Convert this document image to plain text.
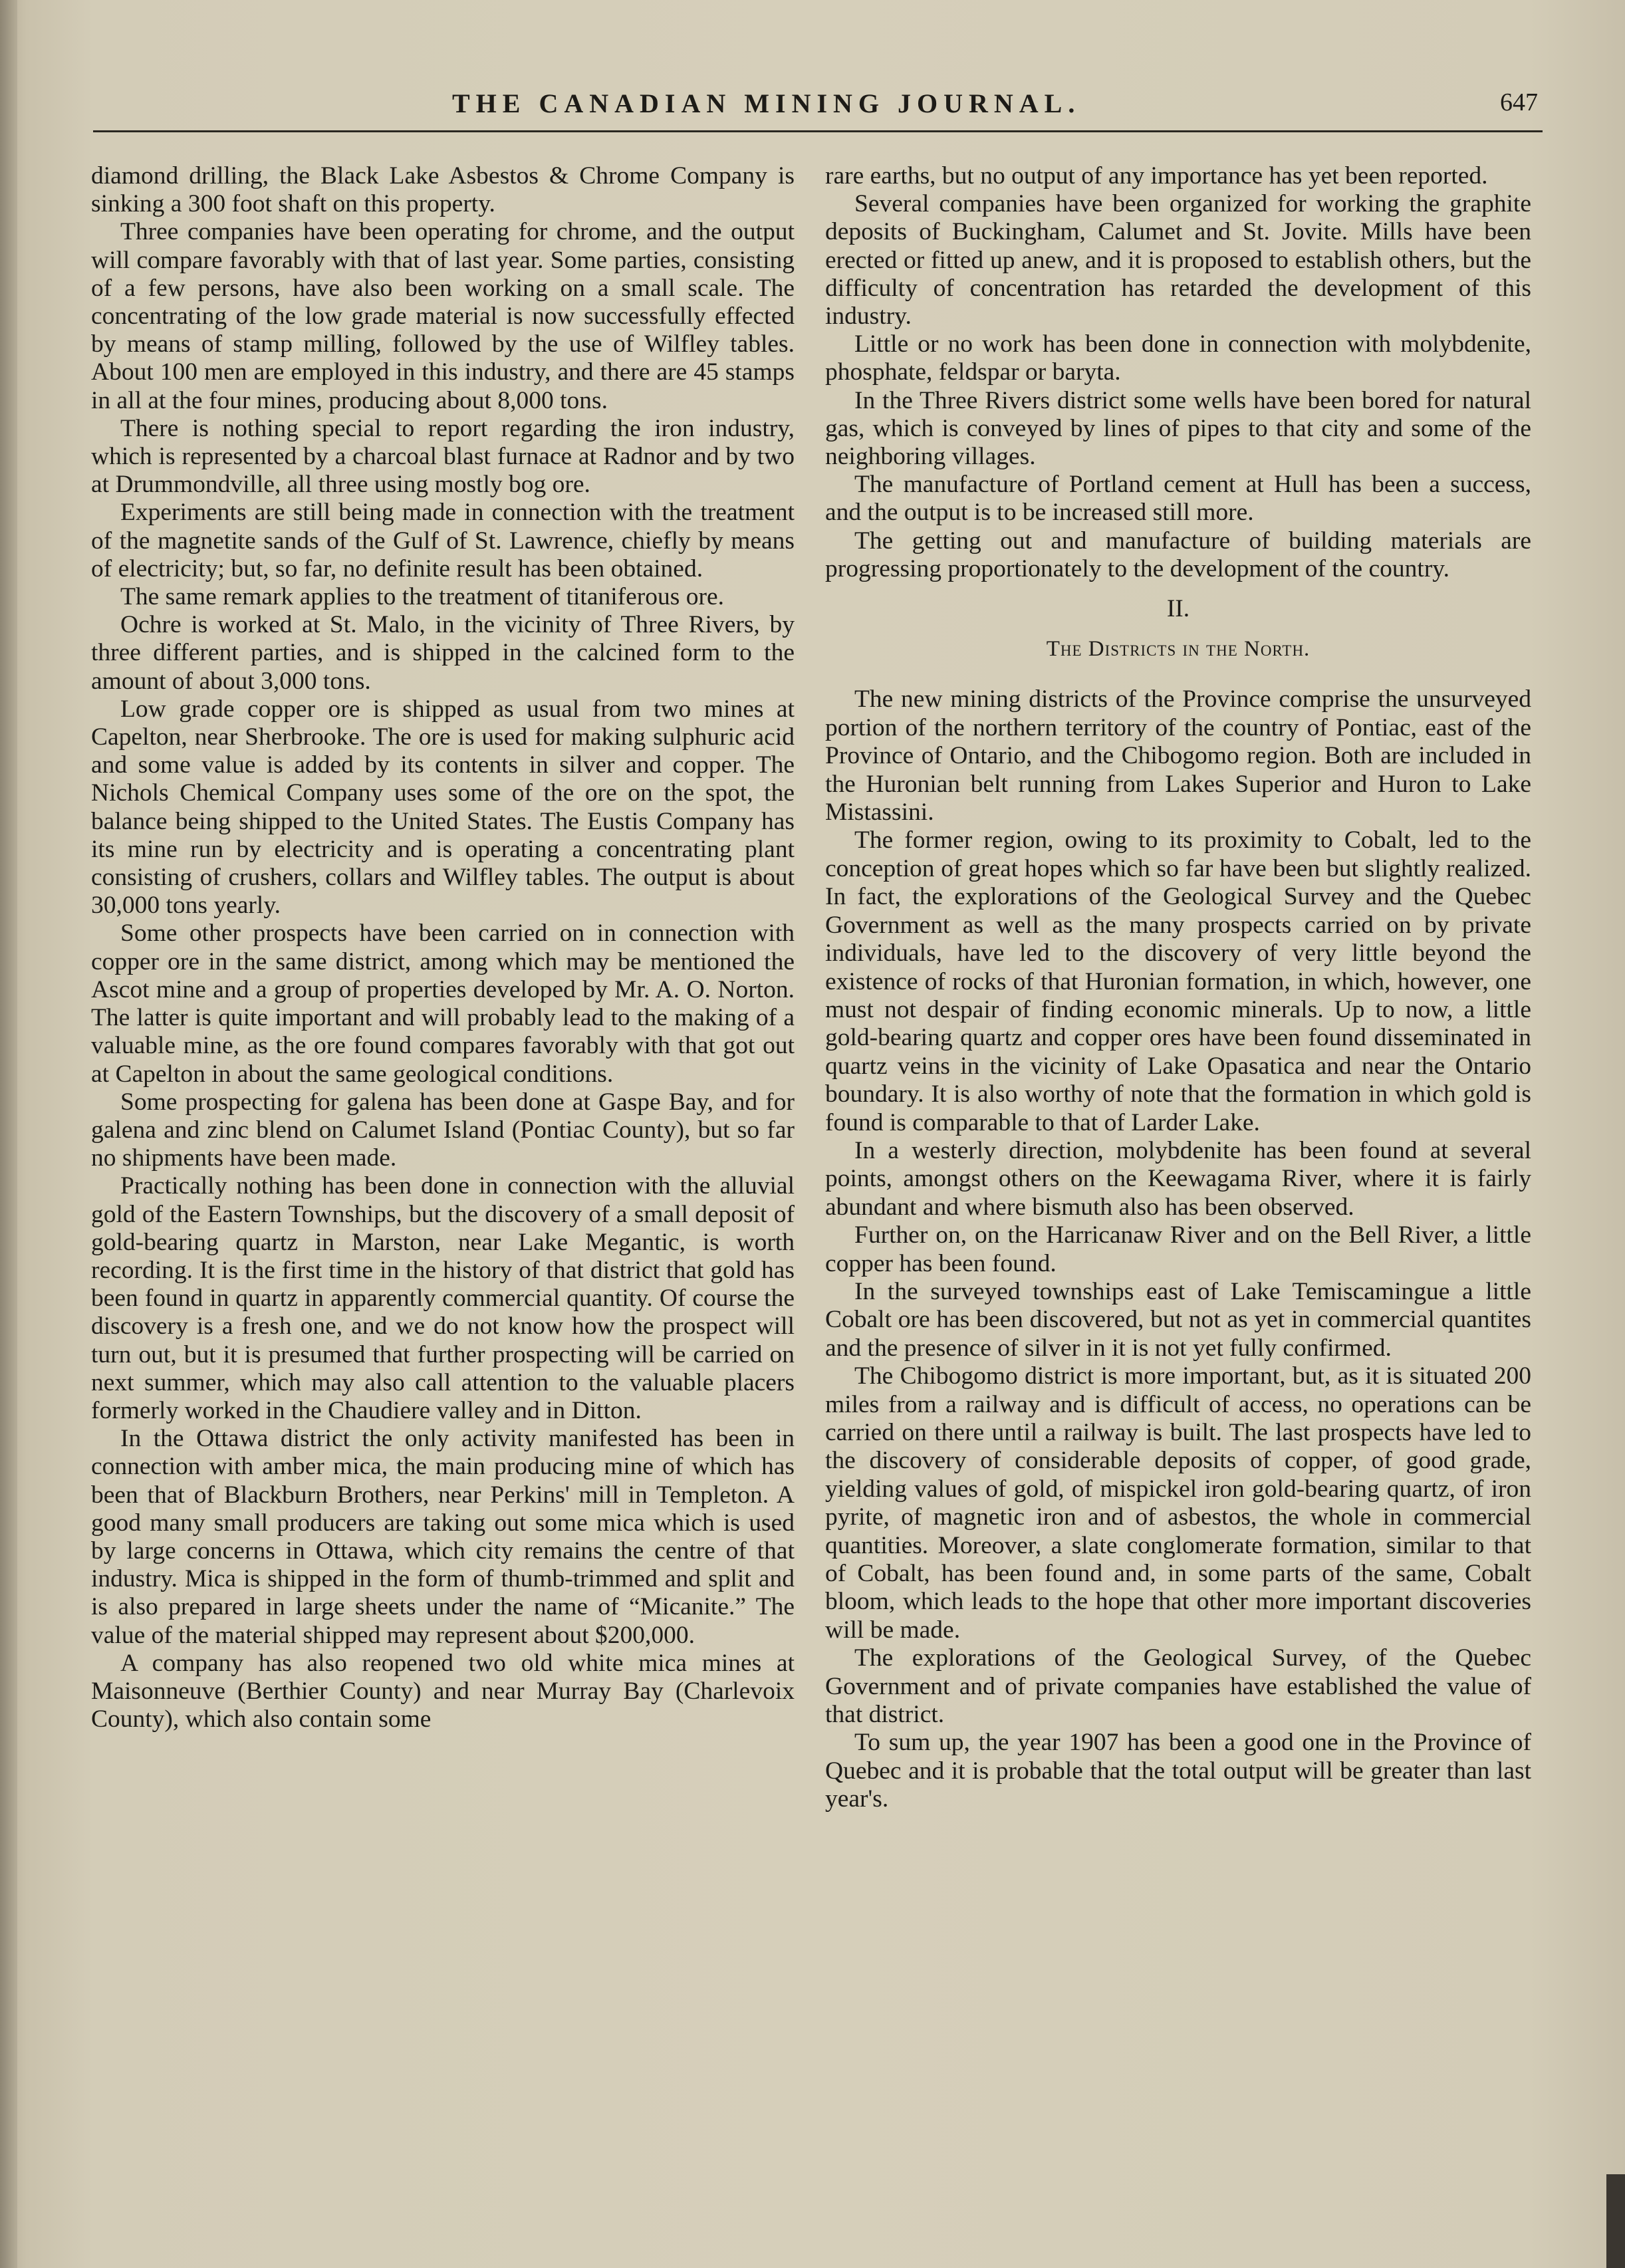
THE CANADIAN MINING JOURNAL.	647

diamond drilling, the Black Lake Asbestos & Chrome Company is sinking a 300 foot shaft on this property.

Three companies have been operating for chrome, and the output will compare favorably with that of last year. Some parties, consisting of a few persons, have also been working on a small scale. The concentrating of the low grade material is now successfully effected by means of stamp milling, followed by the use of Wilfley tables. About 100 men are employed in this industry, and there are 45 stamps in all at the four mines, producing about 8,000 tons.

There is nothing special to report regarding the iron industry, which is represented by a charcoal blast furnace at Radnor and by two at Drummondville, all three using mostly bog ore.

Experiments are still being made in connection with the treatment of the magnetite sands of the Gulf of St. Lawrence, chiefly by means of electricity; but, so far, no definite result has been obtained.

The same remark applies to the treatment of titaniferous ore.

Ochre is worked at St. Malo, in the vicinity of Three Rivers, by three different parties, and is shipped in the calcined form to the amount of about 3,000 tons.

Low grade copper ore is shipped as usual from two mines at Capelton, near Sherbrooke. The ore is used for making sulphuric acid and some value is added by its contents in silver and copper. The Nichols Chemical Company uses some of the ore on the spot, the balance being shipped to the United States. The Eustis Company has its mine run by electricity and is operating a concentrating plant consisting of crushers, collars and Wilfley tables. The output is about 30,000 tons yearly.

Some other prospects have been carried on in connection with copper ore in the same district, among which may be mentioned the Ascot mine and a group of properties developed by Mr. A. O. Norton. The latter is quite important and will probably lead to the making of a valuable mine, as the ore found compares favorably with that got out at Capelton in about the same geological conditions.

Some prospecting for galena has been done at Gaspe Bay, and for galena and zinc blend on Calumet Island (Pontiac County), but so far no shipments have been made.

Practically nothing has been done in connection with the alluvial gold of the Eastern Townships, but the discovery of a small deposit of gold-bearing quartz in Marston, near Lake Megantic, is worth recording. It is the first time in the history of that district that gold has been found in quartz in apparently commercial quantity. Of course the discovery is a fresh one, and we do not know how the prospect will turn out, but it is presumed that further prospecting will be carried on next summer, which may also call attention to the valuable placers formerly worked in the Chaudiere valley and in Ditton.

In the Ottawa district the only activity manifested has been in connection with amber mica, the main producing mine of which has been that of Blackburn Brothers, near Perkins' mill in Templeton. A good many small producers are taking out some mica which is used by large concerns in Ottawa, which city remains the centre of that industry. Mica is shipped in the form of thumb-trimmed and split and is also prepared in large sheets under the name of “Micanite.” The value of the material shipped may represent about $200,000.

A company has also reopened two old white mica mines at Maisonneuve (Berthier County) and near Murray Bay (Charlevoix County), which also contain some

rare earths, but no output of any importance has yet been reported.

Several companies have been organized for working the graphite deposits of Buckingham, Calumet and St. Jovite. Mills have been erected or fitted up anew, and it is proposed to establish others, but the difficulty of concentration has retarded the development of this industry.

Little or no work has been done in connection with molybdenite, phosphate, feldspar or baryta.

In the Three Rivers district some wells have been bored for natural gas, which is conveyed by lines of pipes to that city and some of the neighboring villages.

The manufacture of Portland cement at Hull has been a success, and the output is to be increased still more.

The getting out and manufacture of building materials are progressing proportionately to the development of the country.

II.
The Districts in the North.

The new mining districts of the Province comprise the unsurveyed portion of the northern territory of the country of Pontiac, east of the Province of Ontario, and the Chibogomo region. Both are included in the Huronian belt running from Lakes Superior and Huron to Lake Mistassini.

The former region, owing to its proximity to Cobalt, led to the conception of great hopes which so far have been but slightly realized. In fact, the explorations of the Geological Survey and the Quebec Government as well as the many prospects carried on by private individuals, have led to the discovery of very little beyond the existence of rocks of that Huronian formation, in which, however, one must not despair of finding economic minerals. Up to now, a little gold-bearing quartz and copper ores have been found disseminated in quartz veins in the vicinity of Lake Opasatica and near the Ontario boundary. It is also worthy of note that the formation in which gold is found is comparable to that of Larder Lake.

In a westerly direction, molybdenite has been found at several points, amongst others on the Keewagama River, where it is fairly abundant and where bismuth also has been observed.

Further on, on the Harricanaw River and on the Bell River, a little copper has been found.

In the surveyed townships east of Lake Temiscamingue a little Cobalt ore has been discovered, but not as yet in commercial quantites and the presence of silver in it is not yet fully confirmed.

The Chibogomo district is more important, but, as it is situated 200 miles from a railway and is difficult of access, no operations can be carried on there until a railway is built. The last prospects have led to the discovery of considerable deposits of copper, of good grade, yielding values of gold, of mispickel iron gold-bearing quartz, of iron pyrite, of magnetic iron and of asbestos, the whole in commercial quantities. Moreover, a slate conglomerate formation, similar to that of Cobalt, has been found and, in some parts of the same, Cobalt bloom, which leads to the hope that other more important discoveries will be made.

The explorations of the Geological Survey, of the Quebec Government and of private companies have established the value of that district.

To sum up, the year 1907 has been a good one in the Province of Quebec and it is probable that the total output will be greater than last year's.
